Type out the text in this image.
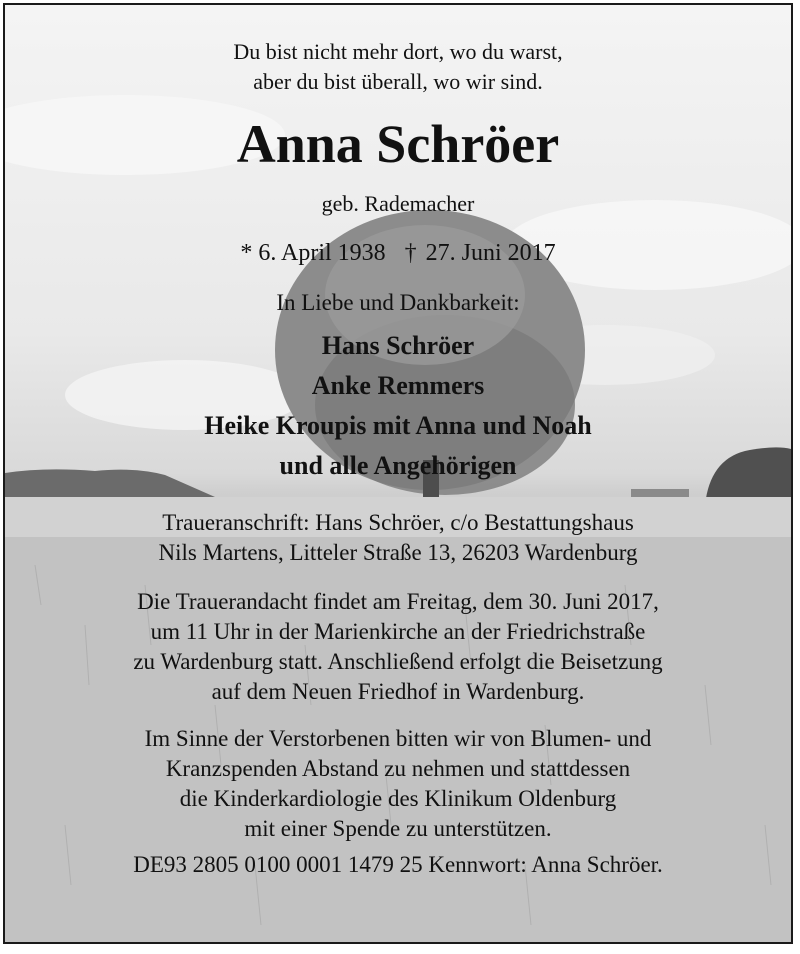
Du bist nicht mehr dort, wo du warst,
aber du bist überall, wo wir sind.
Anna Schröer
geb. Rademacher
* 6. April 1938 † 27. Juni 2017
In Liebe und Dankbarkeit:
Hans Schröer
Anke Remmers
Heike Kroupis mit Anna und Noah
und alle Angehörigen
Traueranschrift: Hans Schröer, c/o Bestattungshaus
Nils Martens, Litteler Straße 13, 26203 Wardenburg
Die Trauerandacht findet am Freitag, dem 30. Juni 2017,
um 11 Uhr in der Marienkirche an der Friedrichstraße
zu Wardenburg statt. Anschließend erfolgt die Beisetzung
auf dem Neuen Friedhof in Wardenburg.
Im Sinne der Verstorbenen bitten wir von Blumen- und
Kranzspenden Abstand zu nehmen und stattdessen
die Kinderkardiologie des Klinikum Oldenburg
mit einer Spende zu unterstützen.
DE93 2805 0100 0001 1479 25 Kennwort: Anna Schröer.
